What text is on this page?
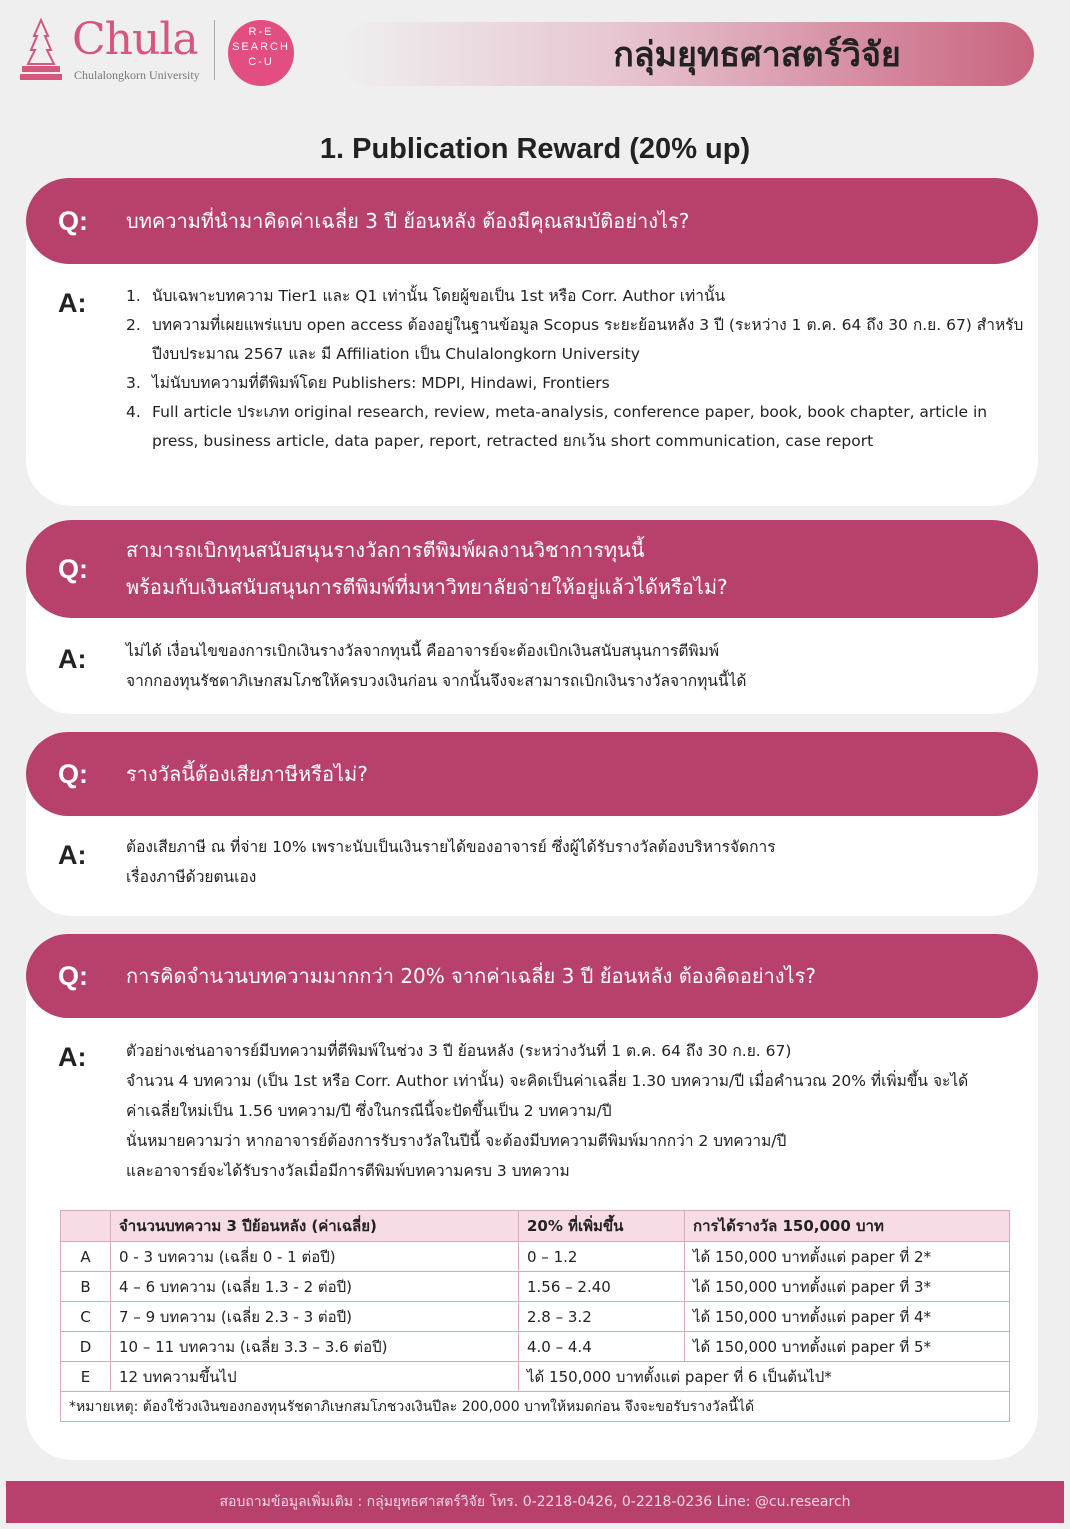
Chula
Chulalongkorn University
R-E
SEARCH
C-U	กลุ่มยุทธศาสตร์วิจัย
1. Publication Reward (20% up)
Q: บทความที่นำมาคิดค่าเฉลี่ย 3 ปี ย้อนหลัง ต้องมีคุณสมบัติอย่างไร?
A:	1. นับเฉพาะบทความ Tier1 และ Q1 เท่านั้น โดยผู้ขอเป็น 1st หรือ Corr. Author เท่านั้น
2. บทความที่เผยแพร่แบบ open access ต้องอยู่ในฐานข้อมูล Scopus ระยะย้อนหลัง 3 ปี (ระหว่าง 1 ต.ค. 64 ถึง 30 ก.ย. 67) สำหรับ
ปีงบประมาณ 2567 และ มี Affiliation เป็น Chulalongkorn University
3. ไม่นับบทความที่ตีพิมพ์โดย Publishers: MDPI, Hindawi, Frontiers
4. Full article ประเภท original research, review, meta-analysis, conference paper, book, book chapter, article in
press, business article, data paper, report, retracted ยกเว้น short communication, case report
Q:
สามารถเบิกทุนสนับสนุนรางวัลการตีพิมพ์ผลงานวิชาการทุนนี้
พร้อมกับเงินสนับสนุนการตีพิมพ์ที่มหาวิทยาลัยจ่ายให้อยู่แล้วได้หรือไม่?
A:	ไม่ได้ เงื่อนไขของการเบิกเงินรางวัลจากทุนนี้ คืออาจารย์จะต้องเบิกเงินสนับสนุนการตีพิมพ์
จากกองทุนรัชดาภิเษกสมโภชให้ครบวงเงินก่อน จากนั้นจึงจะสามารถเบิกเงินรางวัลจากทุนนี้ได้
Q: รางวัลนี้ต้องเสียภาษีหรือไม่?
A:	ต้องเสียภาษี ณ ที่จ่าย 10% เพราะนับเป็นเงินรายได้ของอาจารย์ ซึ่งผู้ได้รับรางวัลต้องบริหารจัดการ
เรื่องภาษีด้วยตนเอง
Q: การคิดจำนวนบทความมากกว่า 20% จากค่าเฉลี่ย 3 ปี ย้อนหลัง ต้องคิดอย่างไร?
A:	ตัวอย่างเช่นอาจารย์มีบทความที่ตีพิมพ์ในช่วง 3 ปี ย้อนหลัง (ระหว่างวันที่ 1 ต.ค. 64 ถึง 30 ก.ย. 67)
จำนวน 4 บทความ (เป็น 1st หรือ Corr. Author เท่านั้น) จะคิดเป็นค่าเฉลี่ย 1.30 บทความ/ปี เมื่อคำนวณ 20% ที่เพิ่มขึ้น จะได้
ค่าเฉลี่ยใหม่เป็น 1.56 บทความ/ปี ซึ่งในกรณีนี้จะปัดขึ้นเป็น 2 บทความ/ปี
นั่นหมายความว่า หากอาจารย์ต้องการรับรางวัลในปีนี้ จะต้องมีบทความตีพิมพ์มากกว่า 2 บทความ/ปี
และอาจารย์จะได้รับรางวัลเมื่อมีการตีพิมพ์บทความครบ 3 บทความ
	จำนวนบทความ 3 ปีย้อนหลัง (ค่าเฉลี่ย)	20% ที่เพิ่มขึ้น	การได้รางวัล 150,000 บาท
A	0 - 3 บทความ (เฉลี่ย 0 - 1 ต่อปี)	0 – 1.2	ได้ 150,000 บาทตั้งแต่ paper ที่ 2*
B	4 – 6 บทความ (เฉลี่ย 1.3 - 2 ต่อปี)	1.56 – 2.40	ได้ 150,000 บาทตั้งแต่ paper ที่ 3*
C	7 – 9 บทความ (เฉลี่ย 2.3 - 3 ต่อปี)	2.8 – 3.2	ได้ 150,000 บาทตั้งแต่ paper ที่ 4*
D	10 – 11 บทความ (เฉลี่ย 3.3 – 3.6 ต่อปี)	4.0 – 4.4	ได้ 150,000 บาทตั้งแต่ paper ที่ 5*
E	12 บทความขึ้นไป	ได้ 150,000 บาทตั้งแต่ paper ที่ 6 เป็นต้นไป*	
*หมายเหตุ: ต้องใช้วงเงินของกองทุนรัชดาภิเษกสมโภชวงเงินปีละ 200,000 บาทให้หมดก่อน จึงจะขอรับรางวัลนี้ได้			
สอบถามข้อมูลเพิ่มเติม : กลุ่มยุทธศาสตร์วิจัย โทร. 0-2218-0426, 0-2218-0236 Line: @cu.research
